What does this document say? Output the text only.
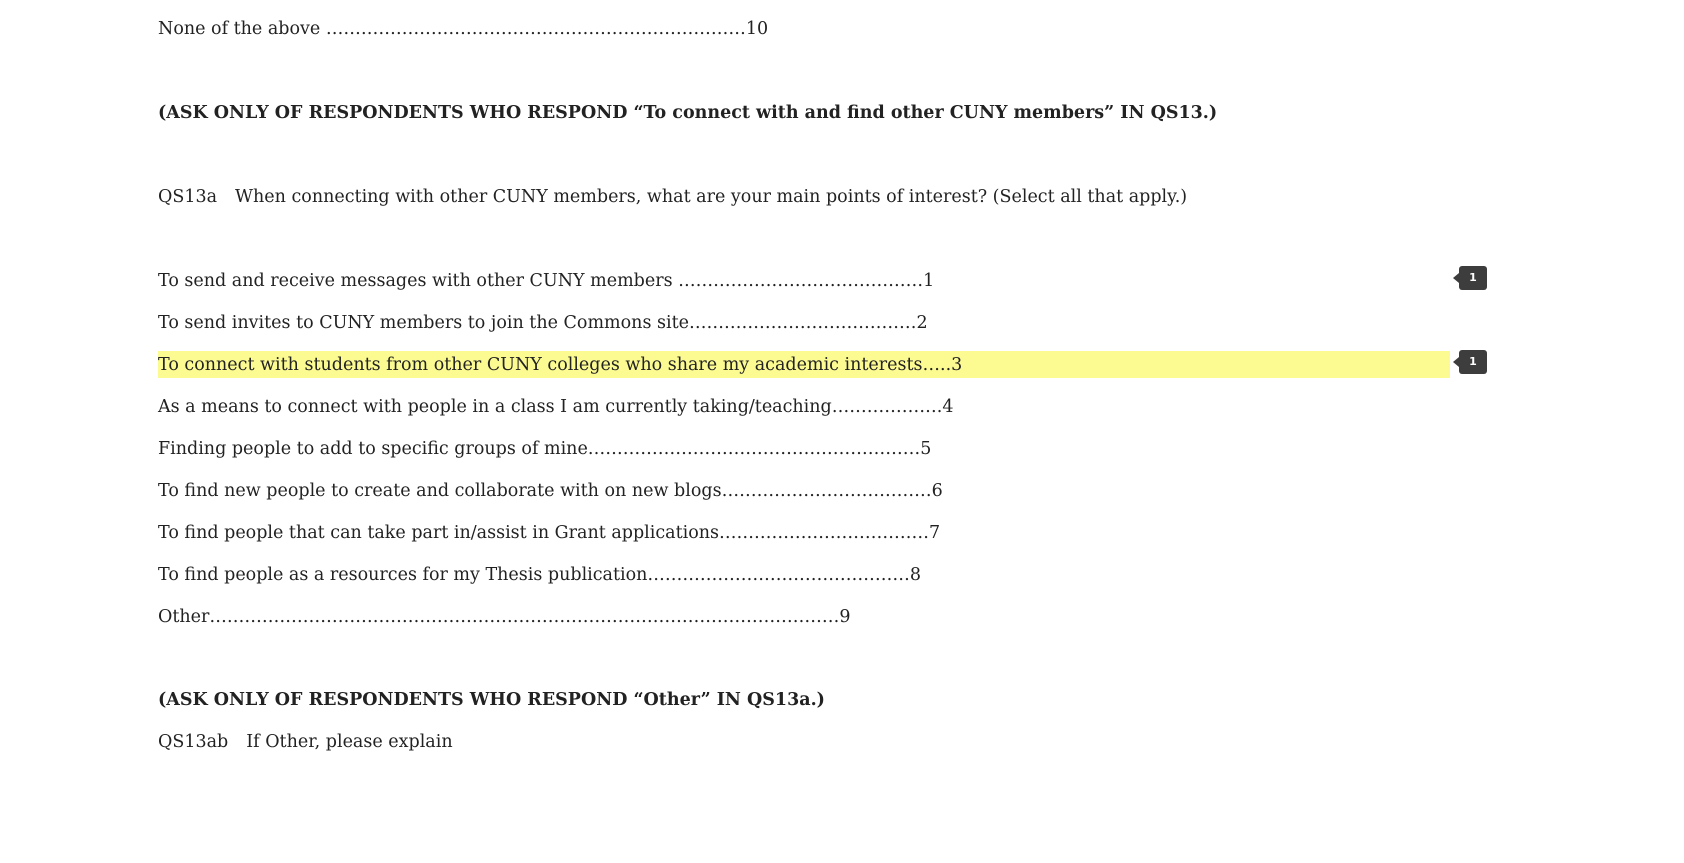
None of the above ………………………………………………………………10
(ASK ONLY OF RESPONDENTS WHO RESPOND “To connect with and find other CUNY members” IN QS13.)
QS13a When connecting with other CUNY members, what are your main points of interest? (Select all that apply.)
To send and receive messages with other CUNY members ……………………………………1	1
To send invites to CUNY members to join the Commons site…………………………………2
To connect with students from other CUNY colleges who share my academic interests…..3	1
As a means to connect with people in a class I am currently taking/teaching……………….4
Finding people to add to specific groups of mine…………………………………………………5
To find new people to create and collaborate with on new blogs………………………………6
To find people that can take part in/assist in Grant applications………………………………7
To find people as a resources for my Thesis publication………………………………………8
Other………………………………………………………………………………………………9
(ASK ONLY OF RESPONDENTS WHO RESPOND “Other” IN QS13a.)
QS13ab If Other, please explain
